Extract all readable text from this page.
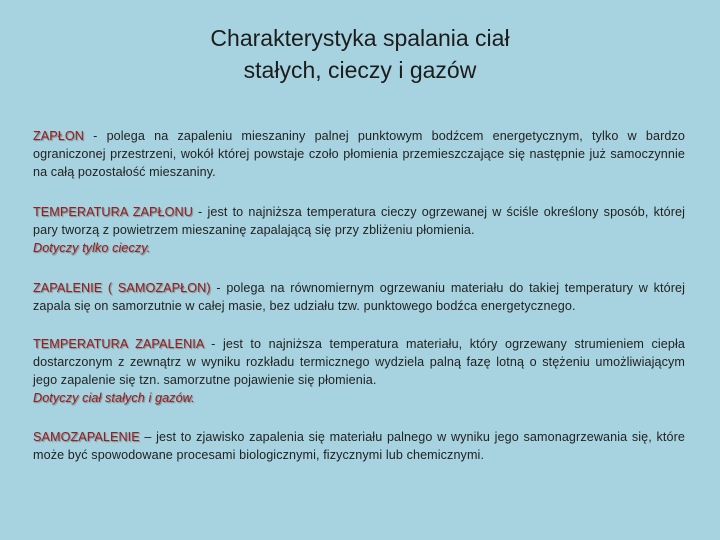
Charakterystyka spalania ciał
stałych, cieczy i gazów

ZAPŁON - polega na zapaleniu mieszaniny palnej punktowym bodźcem energetycznym, tylko w bardzo ograniczonej przestrzeni, wokół której powstaje czoło płomienia przemieszczające się następnie już samoczynnie na całą pozostałość mieszaniny.

TEMPERATURA ZAPŁONU - jest to najniższa temperatura cieczy ogrzewanej w ściśle określony sposób, której pary tworzą z powietrzem mieszaninę zapalającą się przy zbliżeniu płomienia.
Dotyczy tylko cieczy.

ZAPALENIE ( SAMOZAPŁON) - polega na równomiernym ogrzewaniu materiału do takiej temperatury w której zapala się on samorzutnie w całej masie, bez udziału tzw. punktowego bodźca energetycznego.

TEMPERATURA ZAPALENIA - jest to najniższa temperatura materiału, który ogrzewany strumieniem ciepła dostarczonym z zewnątrz w wyniku rozkładu termicznego wydziela palną fazę lotną o stężeniu umożliwiającym jego zapalenie się tzn. samorzutne pojawienie się płomienia.
Dotyczy ciał stałych i gazów.

SAMOZAPALENIE – jest to zjawisko zapalenia się materiału palnego w wyniku jego samonagrzewania się, które może być spowodowane procesami biologicznymi, fizycznymi lub chemicznymi.
